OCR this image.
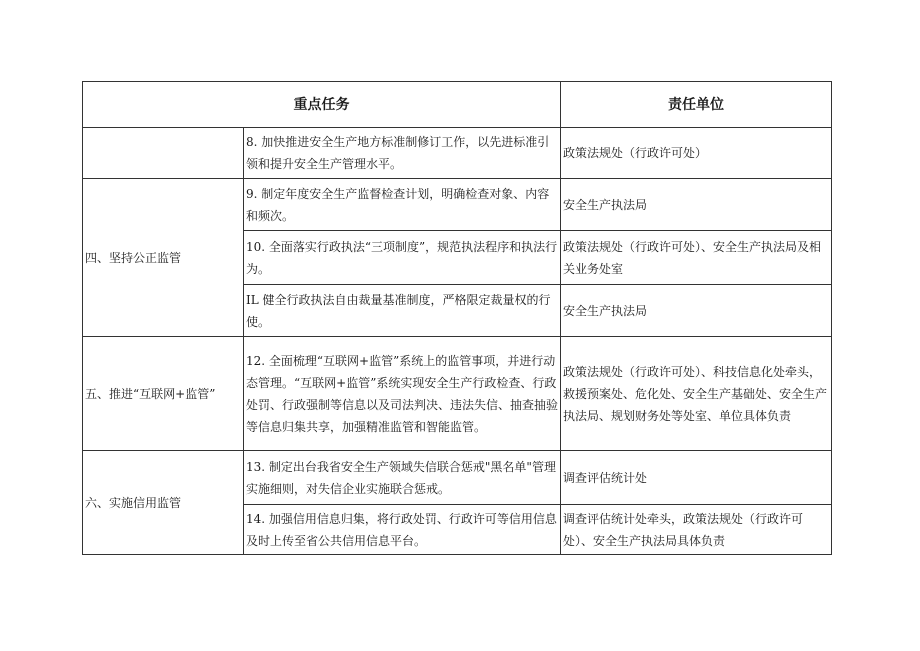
重点任务		责任单位
	8. 加快推进安全生产地方标准制修订工作，以先进标准引领和提升安全生产管理水平。	政策法规处（行政许可处）
四、坚持公正监管	9. 制定年度安全生产监督检查计划，明确检查对象、内容和频次。	安全生产执法局
	10. 全面落实行政执法“三项制度”，规范执法程序和执法行为。	政策法规处（行政许可处）、安全生产执法局及相关业务处室
	IL 健全行政执法自由裁量基准制度，严格限定裁量权的行使。	安全生产执法局
五、推进“互联网+监管”	12. 全面梳理“互联网+监管”系统上的监管事项，并进行动态管理。“互联网+监管”系统实现安全生产行政检查、行政处罚、行政强制等信息以及司法判决、违法失信、抽查抽验等信息归集共享，加强精准监管和智能监管。	政策法规处（行政许可处）、科技信息化处牵头，救援预案处、危化处、安全生产基础处、安全生产执法局、规划财务处等处室、单位具体负责
六、实施信用监管	13. 制定出台我省安全生产领域失信联合惩戒"黑名单"管理实施细则，对失信企业实施联合惩戒。	调查评估统计处
	14. 加强信用信息归集，将行政处罚、行政许可等信用信息及时上传至省公共信用信息平台。	调查评估统计处牵头，政策法规处（行政许可处）、安全生产执法局具体负责
